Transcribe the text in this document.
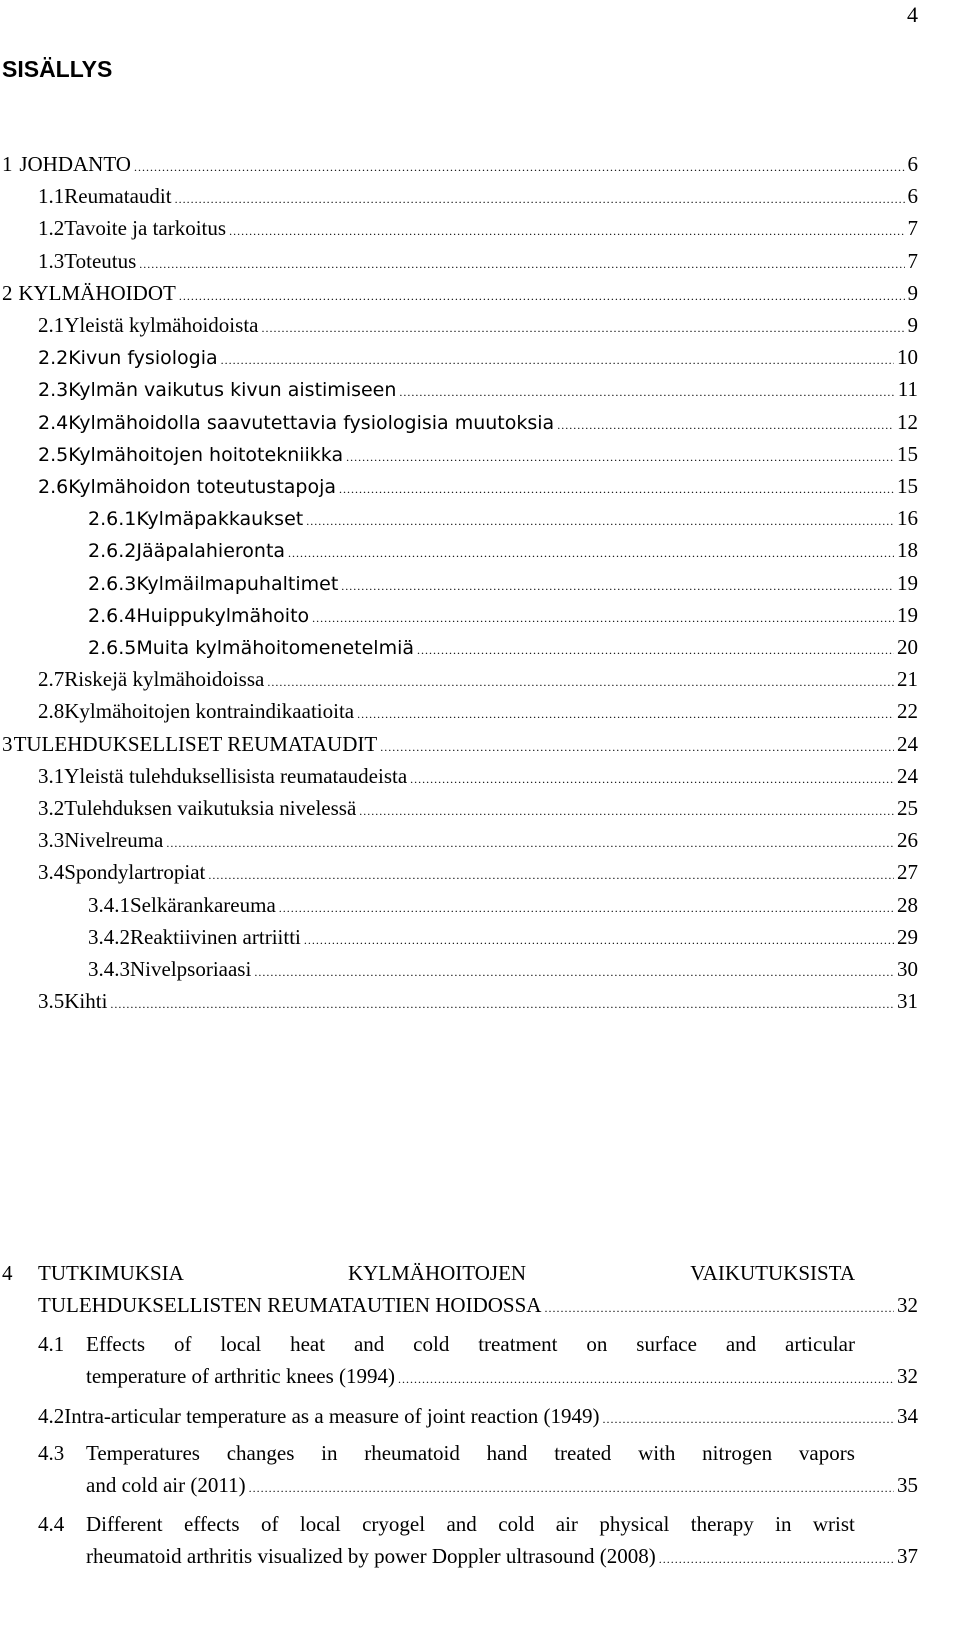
4
SISÄLLYS
1 JOHDANTO .....	6
1.1 Reumataudit .....	6
1.2 Tavoite ja tarkoitus .....	7
1.3 Toteutus .....	7
2 KYLMÄHOIDOT .....	9
2.1 Yleistä kylmähoidoista .....	9
2.2 Kivun fysiologia .....	10
2.3 Kylmän vaikutus kivun aistimiseen .....	11
2.4 Kylmähoidolla saavutettavia fysiologisia muutoksia .....	12
2.5 Kylmähoitojen hoitotekniikka .....	15
2.6 Kylmähoidon toteutustapoja .....	15
2.6.1 Kylmäpakkaukset .....	16
2.6.2 Jääpalahieronta .....	18
2.6.3 Kylmäilmapuhaltimet .....	19
2.6.4 Huippukylmähoito .....	19
2.6.5 Muita kylmähoitomenetelmiä .....	20
2.7 Riskejä kylmähoidoissa .....	21
2.8 Kylmähoitojen kontraindikaatioita .....	22
3 TULEHDUKSELLISET REUMATAUDIT .....	24
3.1 Yleistä tulehduksellisista reumataudeista .....	24
3.2 Tulehduksen vaikutuksia nivelessä .....	25
3.3 Nivelreuma .....	26
3.4 Spondylartropiat .....	27
3.4.1 Selkärankareuma .....	28
3.4.2 Reaktiivinen artriitti .....	29
3.4.3 Nivelpsoriaasi .....	30
3.5 Kihti .....	31
4 TUTKIMUKSIA	KYLMÄHOITOJEN	VAIKUTUKSISTA
TULEHDUKSELLISTEN REUMATAUTIEN HOIDOSSA .....	32
4.1 Effects of local heat and cold treatment on surface and articular
temperature of arthritic knees (1994) .....	32
4.2 Intra-articular temperature as a measure of joint reaction (1949) .....	34
4.3 Temperatures changes in rheumatoid hand treated with nitrogen vapors
and cold air (2011) .....	35
4.4 Different effects of local cryogel and cold air physical therapy in wrist
rheumatoid arthritis visualized by power Doppler ultrasound (2008) .....	37
